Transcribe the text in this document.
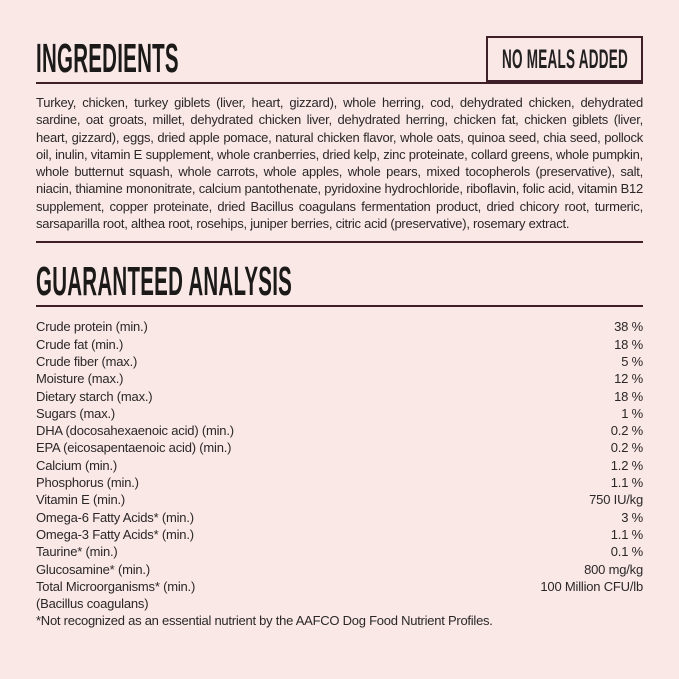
INGREDIENTS	NO MEALS ADDED

Turkey, chicken, turkey giblets (liver, heart, gizzard), whole herring, cod, dehydrated chicken, dehydrated sardine, oat groats, millet, dehydrated chicken liver, dehydrated herring, chicken fat, chicken giblets (liver, heart, gizzard), eggs, dried apple pomace, natural chicken flavor, whole oats, quinoa seed, chia seed, pollock oil, inulin, vitamin E supplement, whole cranberries, dried kelp, zinc proteinate, collard greens, whole pumpkin, whole butternut squash, whole carrots, whole apples, whole pears, mixed tocopherols (preservative), salt, niacin, thiamine mononitrate, calcium pantothenate, pyridoxine hydrochloride, riboflavin, folic acid, vitamin B12 supplement, copper proteinate, dried Bacillus coagulans fermentation product, dried chicory root, turmeric, sarsaparilla root, althea root, rosehips, juniper berries, citric acid (preservative), rosemary extract.

GUARANTEED ANALYSIS
Crude protein (min.)	38 %
Crude fat (min.)	18 %
Crude fiber (max.)	5 %
Moisture (max.)	12 %
Dietary starch (max.)	18 %
Sugars (max.)	1 %
DHA (docosahexaenoic acid) (min.)	0.2 %
EPA (eicosapentaenoic acid) (min.)	0.2 %
Calcium (min.)	1.2 %
Phosphorus (min.)	1.1 %
Vitamin E (min.)	750 IU/kg
Omega-6 Fatty Acids* (min.)	3 %
Omega-3 Fatty Acids* (min.)	1.1 %
Taurine* (min.)	0.1 %
Glucosamine* (min.)	800 mg/kg
Total Microorganisms* (min.)	100 Million CFU/lb
(Bacillus coagulans)

*Not recognized as an essential nutrient by the AAFCO Dog Food Nutrient Profiles.
